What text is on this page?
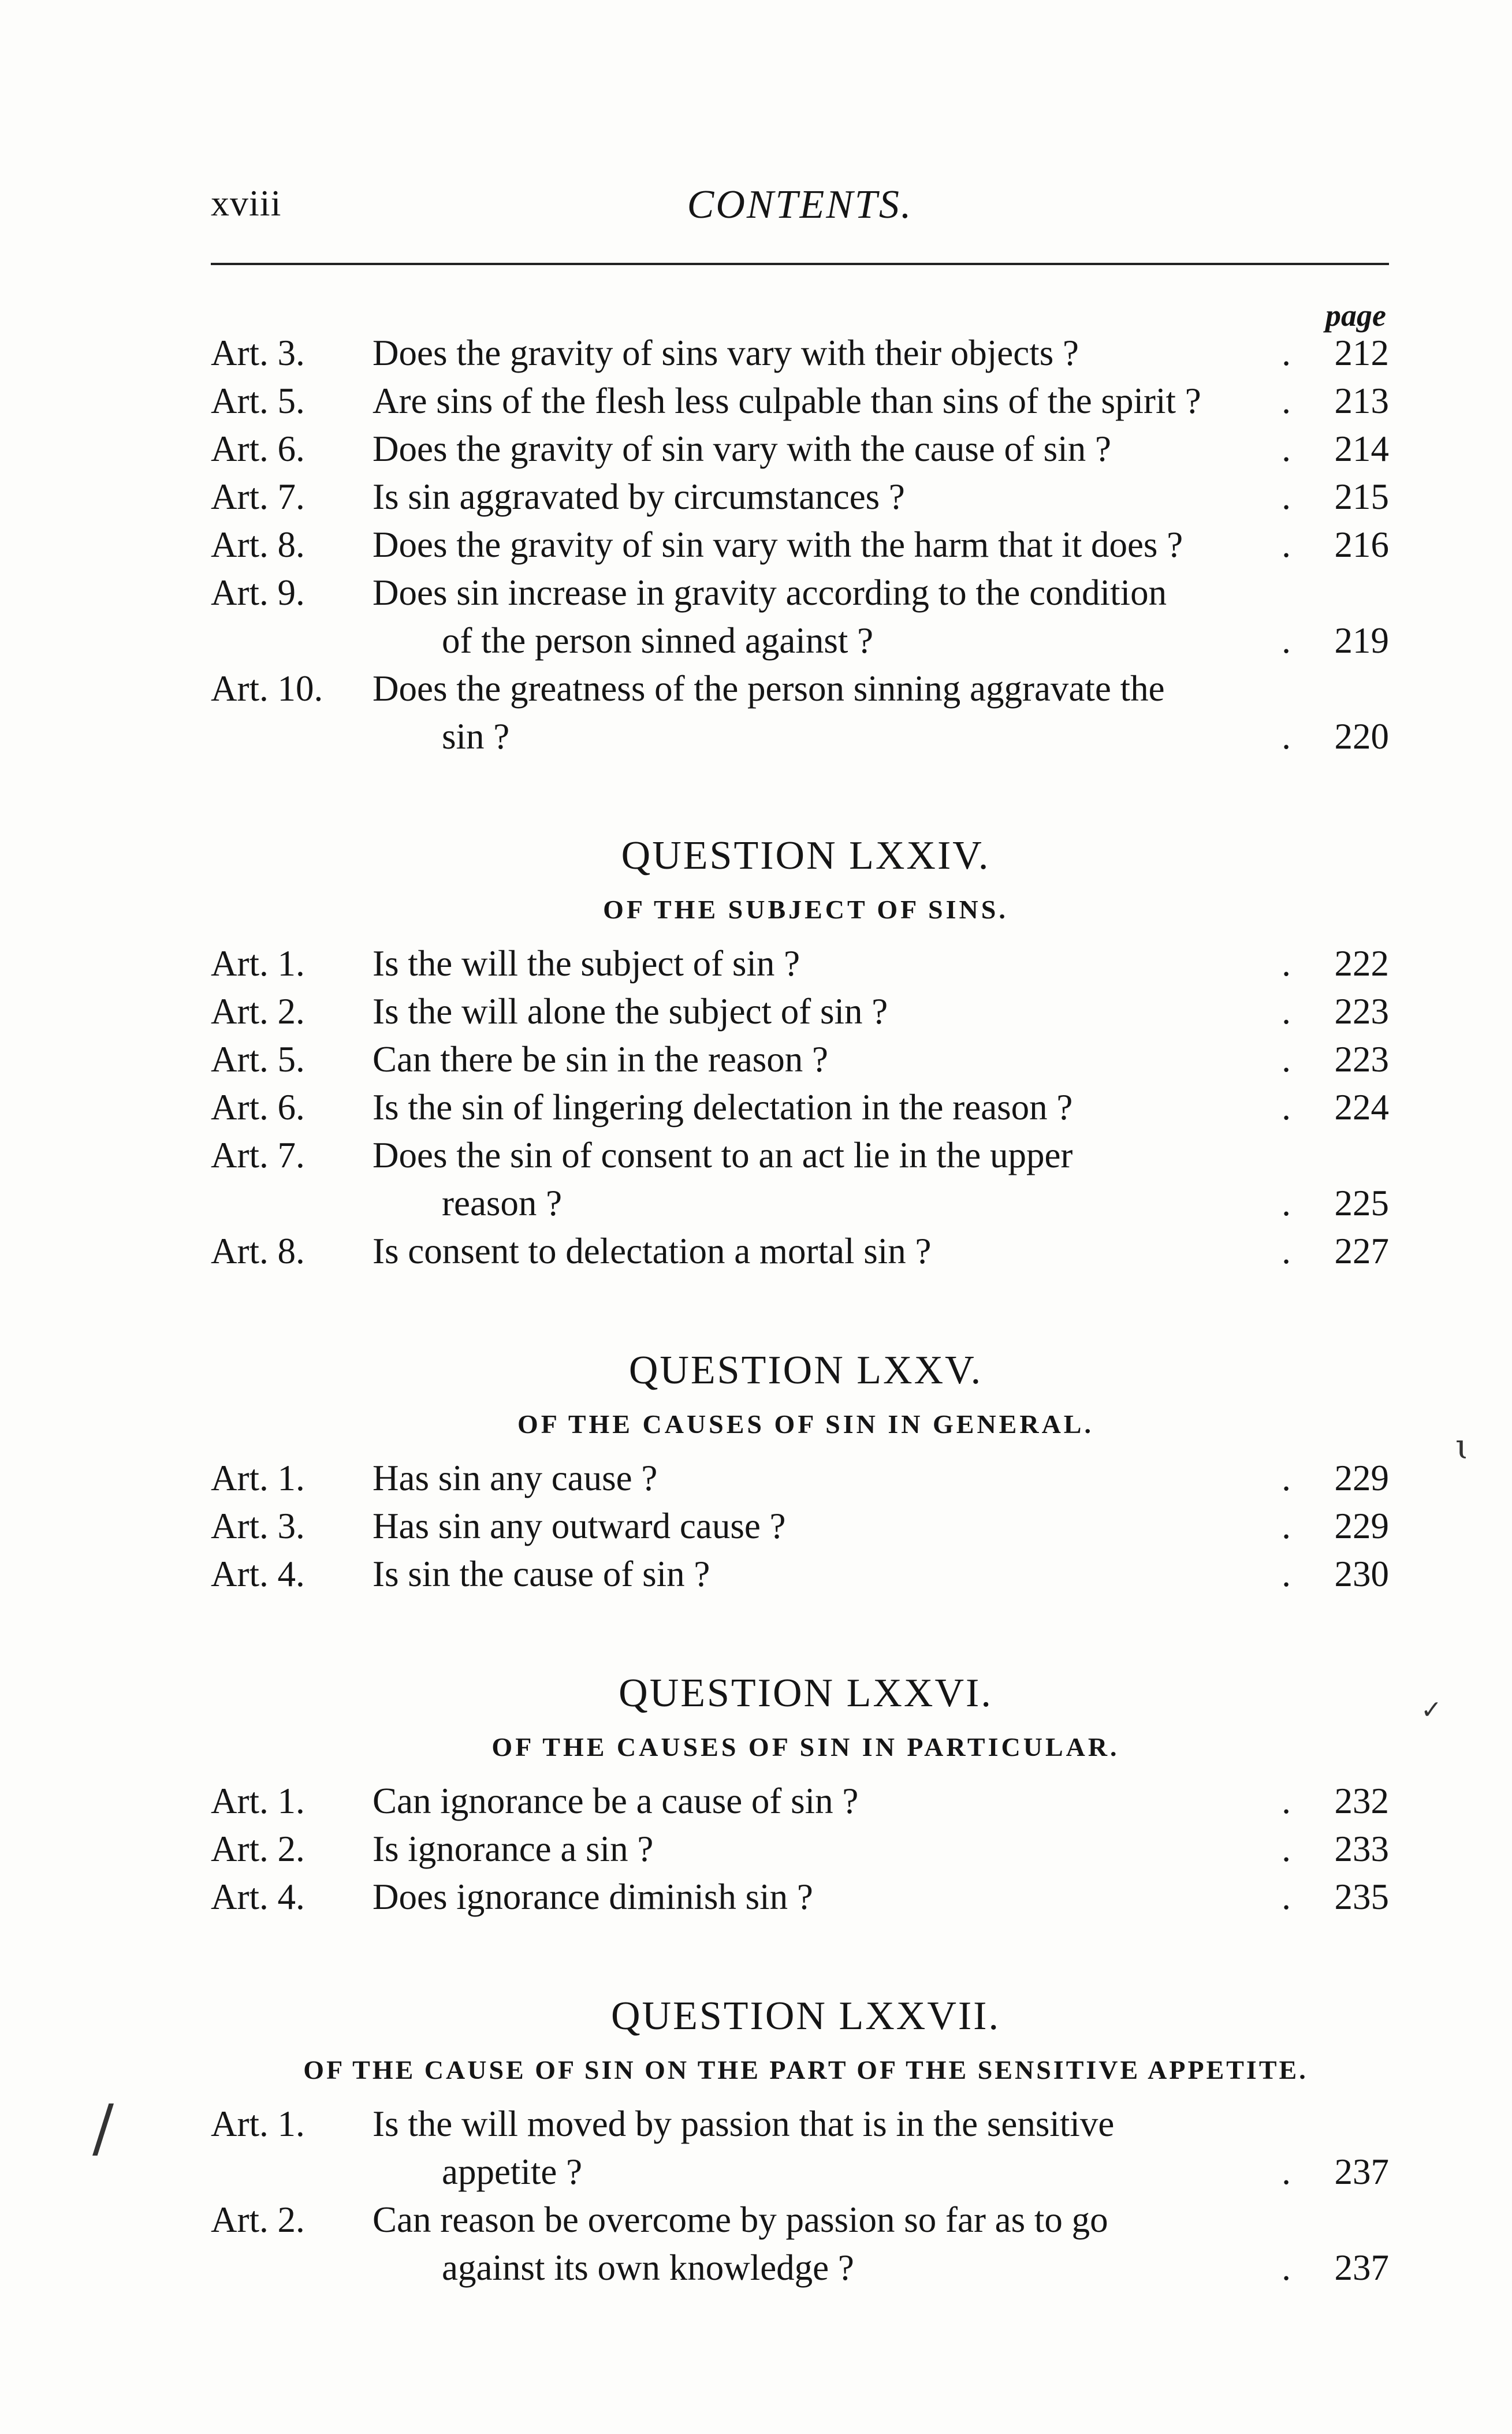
xviii	CONTENTS.
page
Art. 3.	Does the gravity of sins vary with their objects ?	.	212
Art. 5.	Are sins of the flesh less culpable than sins of the spirit ?	.	213
Art. 6.	Does the gravity of sin vary with the cause of sin ?	.	214
Art. 7.	Is sin aggravated by circumstances ?	.	215
Art. 8.	Does the gravity of sin vary with the harm that it does ?	.	216
Art. 9.	Does sin increase in gravity according to the condition
of the person sinned against ?	.	219
Art. 10.	Does the greatness of the person sinning aggravate the
sin ?	.	220
QUESTION LXXIV.
OF THE SUBJECT OF SINS.
Art. 1.	Is the will the subject of sin ?	.	222
Art. 2.	Is the will alone the subject of sin ?	.	223
Art. 5.	Can there be sin in the reason ?	.	223
Art. 6.	Is the sin of lingering delectation in the reason ?	.	224
Art. 7.	Does the sin of consent to an act lie in the upper
reason ?	.	225
Art. 8.	Is consent to delectation a mortal sin ?	.	227
QUESTION LXXV.
OF THE CAUSES OF SIN IN GENERAL.
Art. 1.	Has sin any cause ?	.	229
Art. 3.	Has sin any outward cause ?	.	229
Art. 4.	Is sin the cause of sin ?	.	230
QUESTION LXXVI.
OF THE CAUSES OF SIN IN PARTICULAR.
Art. 1.	Can ignorance be a cause of sin ?	.	232
Art. 2.	Is ignorance a sin ?	.	233
Art. 4.	Does ignorance diminish sin ?	.	235
QUESTION LXXVII.
OF THE CAUSE OF SIN ON THE PART OF THE SENSITIVE APPETITE.
Art. 1.	Is the will moved by passion that is in the sensitive
appetite ?	.	237
Art. 2.	Can reason be overcome by passion so far as to go
against its own knowledge ?	.	237
ɩ
✓
/
